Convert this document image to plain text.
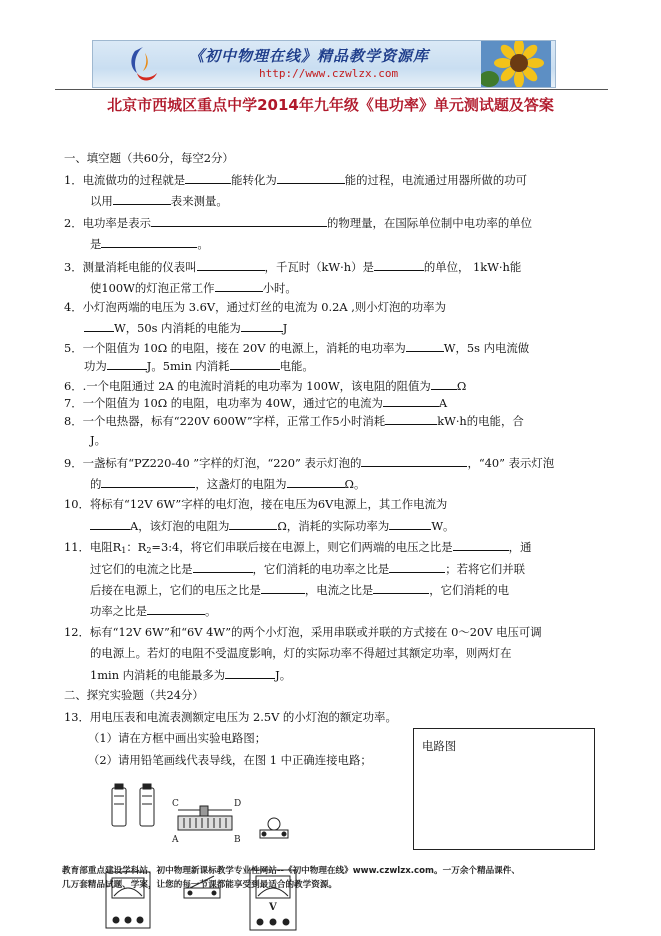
《初中物理在线》精品教学资源库
http://www.czwlzx.com
北京市西城区重点中学2014年九年级《电功率》单元测试题及答案
一、填空题（共60分，每空2分）
1．电流做功的过程就是	能转化为	能的过程，电流通过用器所做的功可
以用	表来测量。
2．电功率是表示	的物理量，在国际单位制中电功率的单位
是	。
3．测量消耗电能的仪表叫	，千瓦时（kW·h）是	的单位， 1kW·h能
使100W的灯泡正常工作	小时。
4．小灯泡两端的电压为 3.6V，通过灯丝的电流为 0.2A ,则小灯泡的功率为
W，50s 内消耗的电能为	J
5．一个阻值为 10Ω 的电阻，接在 20V 的电源上，消耗的电功率为	W，5s 内电流做
功为	J。5min 内消耗	电能。
6．.一个电阻通过 2A 的电流时消耗的电功率为 100W，该电阻的阻值为 Ω
7．一个阻值为 10Ω 的电阻，电功率为 40W，通过它的电流为	A
8．一个电热器，标有“220V 600W”字样，正常工作5小时消耗	kW·h的电能，合
J。
9．一盏标有“PZ220-40 ”字样的灯泡，“220” 表示灯泡的	，“40” 表示灯泡
的	，这盏灯的电阻为	Ω。
10．将标有“12V 6W”字样的电灯泡，接在电压为6V电源上，其工作电流为
A，该灯泡的电阻为	Ω，消耗的实际功率为	W。
11．电阻$R_1$：$R_2=3:4$，将它们串联后接在电源上，则它们两端的电压之比是	，通
过它们的电流之比是	，它们消耗的电功率之比是	；若将它们并联
后接在电源上，它们的电压之比是	，电流之比是	，它们消耗的电
功率之比是	。
12．标有“12V 6W”和“6V 4W”的两个小灯泡，采用串联或并联的方式接在 0～20V 电压可调
的电源上。若灯的电阻不受温度影响，灯的实际功率不得超过其额定功率，则两灯在
1min 内消耗的电能最多为	J。
二、探究实验题（共24分）
13．用电压表和电流表测额定电压为 2.5V 的小灯泡的额定功率。
（1）请在方框中画出实验电路图；
（2）请用铅笔画线代表导线，在图 1 中正确连接电路；
电路图
C	D
A	B
V
教育部重点建设学科站、初中物理新课标教学专业性网站--《初中物理在线》www.czwlzx.com。一万余个精品课件、
几万套精品试题、学案，让您的每一节课都能享受到最适合的教学资源。
